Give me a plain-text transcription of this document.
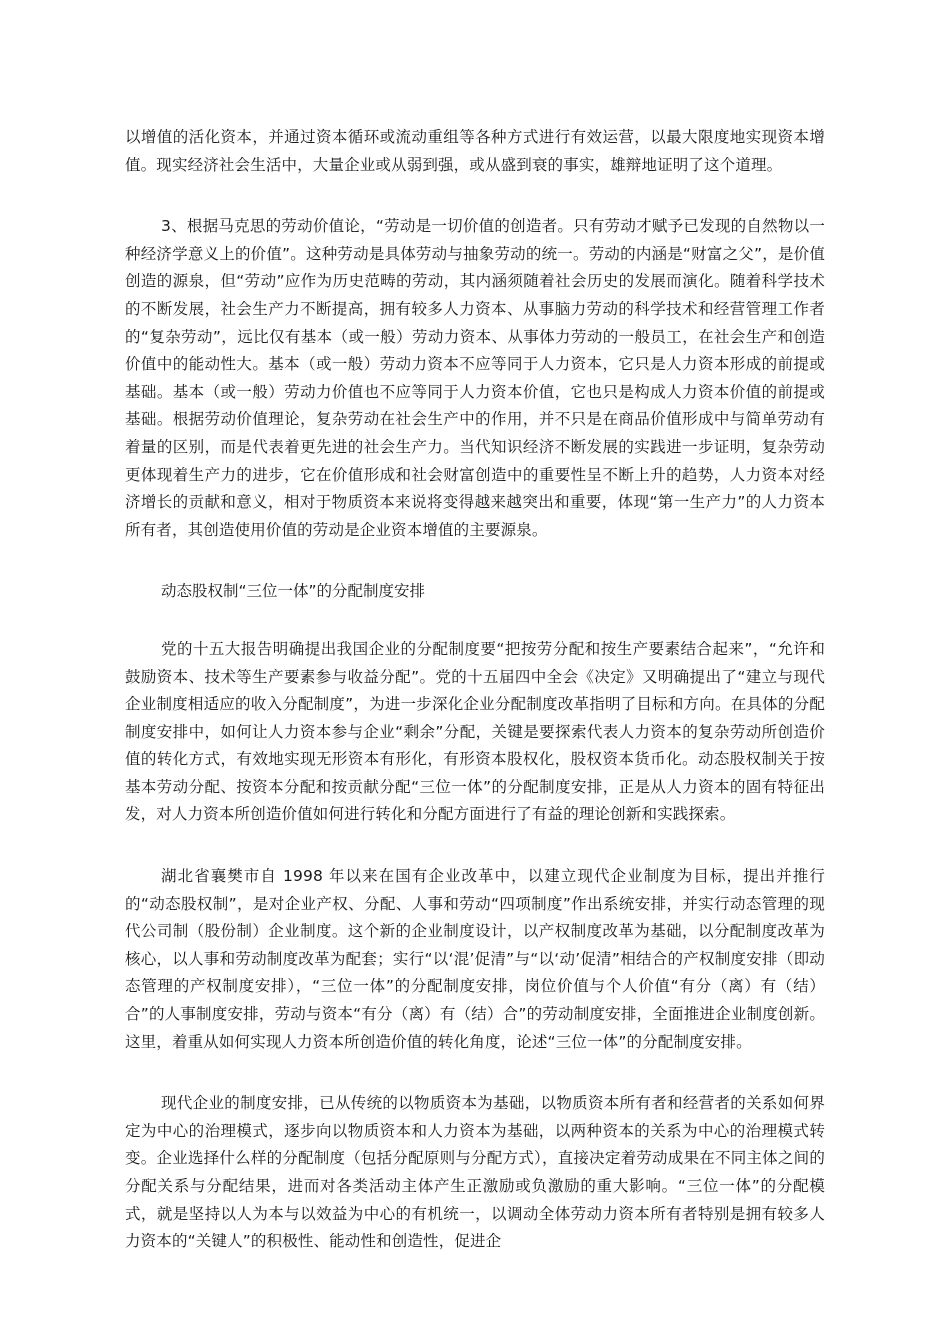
以增值的活化资本，并通过资本循环或流动重组等各种方式进行有效运营，以最大限度地实现资本增值。现实经济社会生活中，大量企业或从弱到强，或从盛到衰的事实，雄辩地证明了这个道理。

3、根据马克思的劳动价值论，“劳动是一切价值的创造者。只有劳动才赋予已发现的自然物以一种经济学意义上的价值”。这种劳动是具体劳动与抽象劳动的统一。劳动的内涵是“财富之父”，是价值创造的源泉，但“劳动”应作为历史范畴的劳动，其内涵须随着社会历史的发展而演化。随着科学技术的不断发展，社会生产力不断提高，拥有较多人力资本、从事脑力劳动的科学技术和经营管理工作者的“复杂劳动”，远比仅有基本（或一般）劳动力资本、从事体力劳动的一般员工，在社会生产和创造价值中的能动性大。基本（或一般）劳动力资本不应等同于人力资本，它只是人力资本形成的前提或基础。基本（或一般）劳动力价值也不应等同于人力资本价值，它也只是构成人力资本价值的前提或基础。根据劳动价值理论，复杂劳动在社会生产中的作用，并不只是在商品价值形成中与简单劳动有着量的区别，而是代表着更先进的社会生产力。当代知识经济不断发展的实践进一步证明，复杂劳动更体现着生产力的进步，它在价值形成和社会财富创造中的重要性呈不断上升的趋势，人力资本对经济增长的贡献和意义，相对于物质资本来说将变得越来越突出和重要，体现“第一生产力”的人力资本所有者，其创造使用价值的劳动是企业资本增值的主要源泉。

动态股权制“三位一体”的分配制度安排

党的十五大报告明确提出我国企业的分配制度要“把按劳分配和按生产要素结合起来”，“允许和鼓励资本、技术等生产要素参与收益分配”。党的十五届四中全会《决定》又明确提出了“建立与现代企业制度相适应的收入分配制度”，为进一步深化企业分配制度改革指明了目标和方向。在具体的分配制度安排中，如何让人力资本参与企业“剩余”分配，关键是要探索代表人力资本的复杂劳动所创造价值的转化方式，有效地实现无形资本有形化，有形资本股权化，股权资本货币化。动态股权制关于按基本劳动分配、按资本分配和按贡献分配“三位一体”的分配制度安排，正是从人力资本的固有特征出发，对人力资本所创造价值如何进行转化和分配方面进行了有益的理论创新和实践探索。

湖北省襄樊市自 1998 年以来在国有企业改革中，以建立现代企业制度为目标，提出并推行的“动态股权制”，是对企业产权、分配、人事和劳动“四项制度”作出系统安排，并实行动态管理的现代公司制（股份制）企业制度。这个新的企业制度设计，以产权制度改革为基础，以分配制度改革为核心，以人事和劳动制度改革为配套；实行“以‘混’促清”与“以‘动’促清”相结合的产权制度安排（即动态管理的产权制度安排），“三位一体”的分配制度安排，岗位价值与个人价值“有分（离）有（结）合”的人事制度安排，劳动与资本“有分（离）有（结）合”的劳动制度安排，全面推进企业制度创新。这里，着重从如何实现人力资本所创造价值的转化角度，论述“三位一体”的分配制度安排。

现代企业的制度安排，已从传统的以物质资本为基础，以物质资本所有者和经营者的关系如何界定为中心的治理模式，逐步向以物质资本和人力资本为基础，以两种资本的关系为中心的治理模式转变。企业选择什么样的分配制度（包括分配原则与分配方式），直接决定着劳动成果在不同主体之间的分配关系与分配结果，进而对各类活动主体产生正激励或负激励的重大影响。“三位一体”的分配模式，就是坚持以人为本与以效益为中心的有机统一，以调动全体劳动力资本所有者特别是拥有较多人力资本的“关键人”的积极性、能动性和创造性，促进企
